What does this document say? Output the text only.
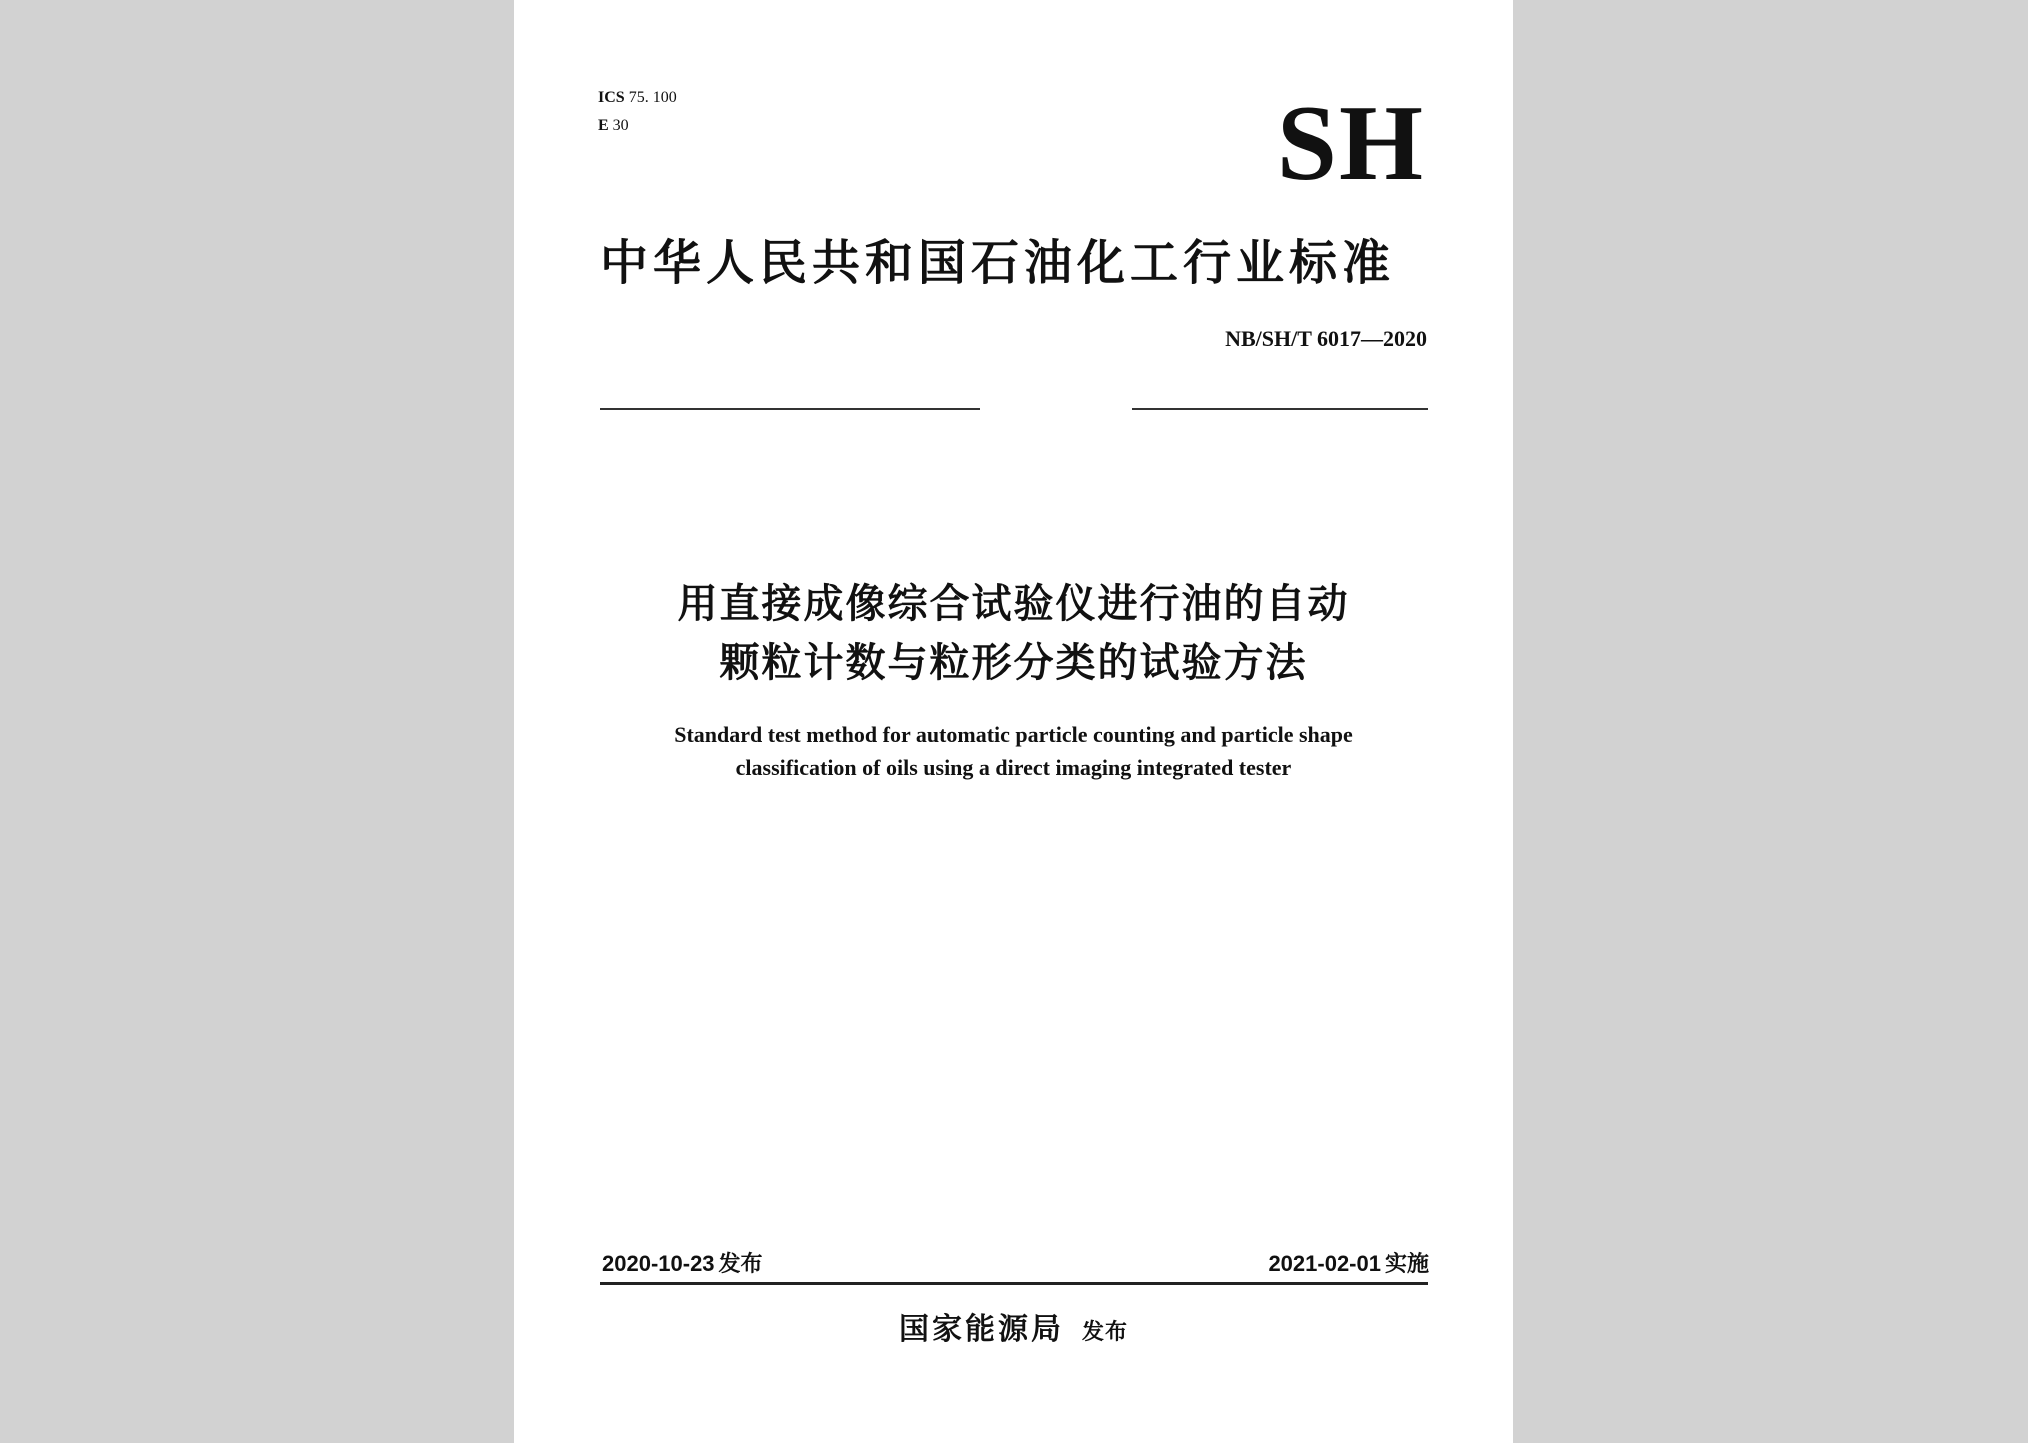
ICS 75. 100
E 30	SH
中华人民共和国石油化工行业标准
NB/SH/T 6017—2020
用直接成像综合试验仪进行油的自动
颗粒计数与粒形分类的试验方法
Standard test method for automatic particle counting and particle shape
classification of oils using a direct imaging integrated tester
2020-10-23 发布	2021-02-01 实施
国家能源局 发布
